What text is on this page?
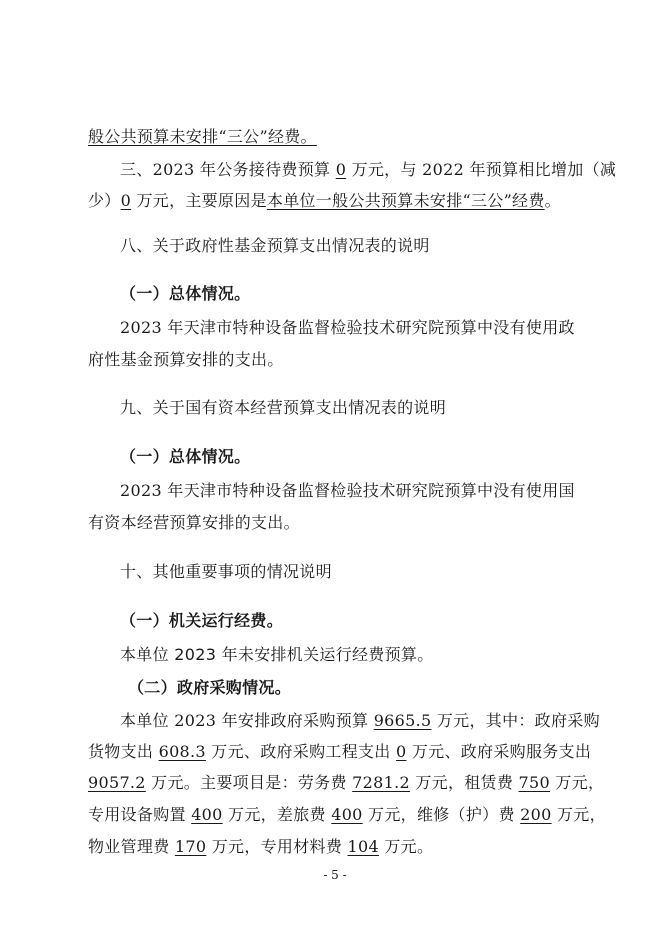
般公共预算未安排“三公”经费。
三、2023 年公务接待费预算 0 万元，与 2022 年预算相比增加（减
少）0 万元，主要原因是本单位一般公共预算未安排“三公”经费。
八、关于政府性基金预算支出情况表的说明
（一）总体情况。
2023 年天津市特种设备监督检验技术研究院预算中没有使用政
府性基金预算安排的支出。
九、关于国有资本经营预算支出情况表的说明
（一）总体情况。
2023 年天津市特种设备监督检验技术研究院预算中没有使用国
有资本经营预算安排的支出。
十、其他重要事项的情况说明
（一）机关运行经费。
本单位 2023 年未安排机关运行经费预算。
（二）政府采购情况。
本单位 2023 年安排政府采购预算 9665.5 万元，其中：政府采购
货物支出 608.3 万元、政府采购工程支出 0 万元、政府采购服务支出
9057.2 万元。主要项目是：劳务费 7281.2 万元，租赁费 750 万元，
专用设备购置 400 万元，差旅费 400 万元，维修（护）费 200 万元，
物业管理费 170 万元，专用材料费 104 万元。
- 5 -
